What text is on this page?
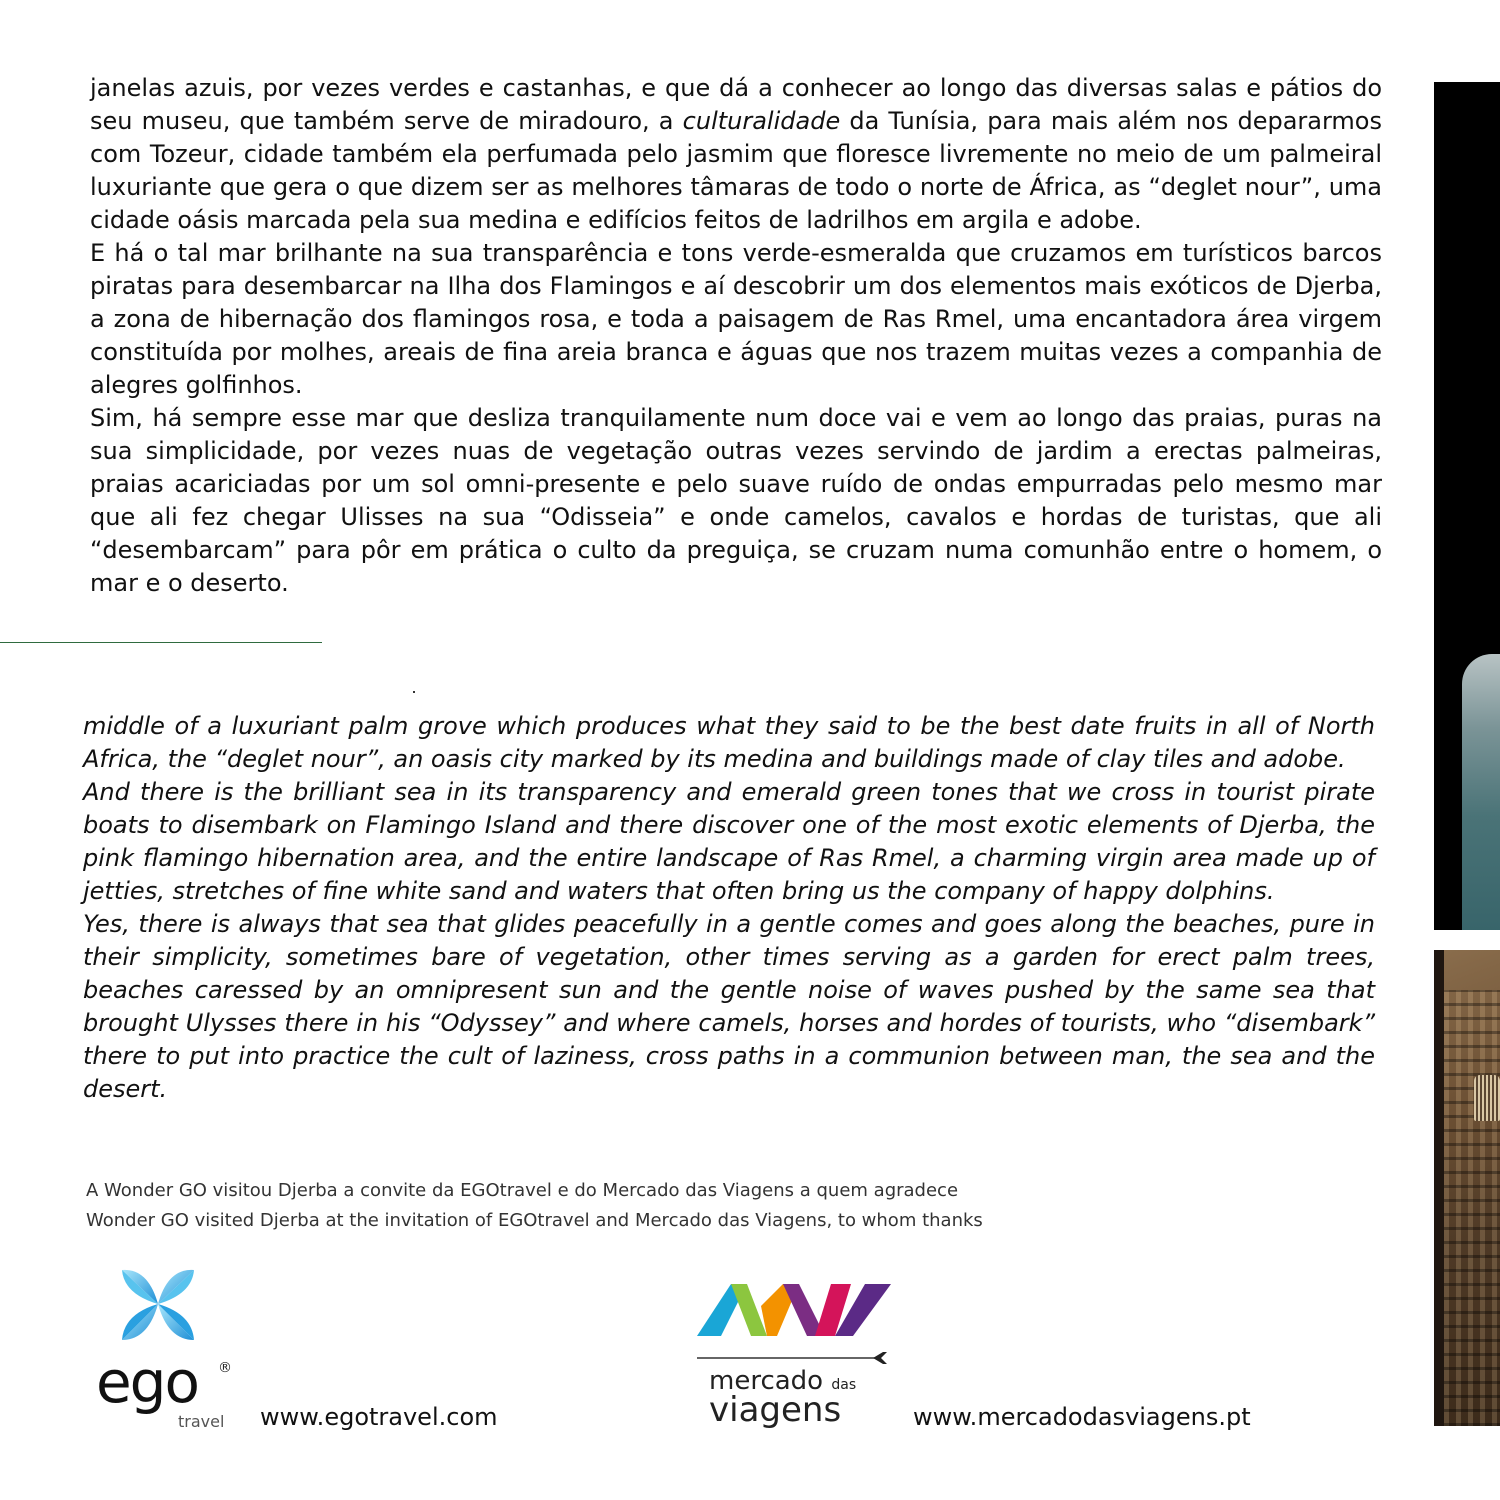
janelas azuis, por vezes verdes e castanhas, e que dá a conhecer ao longo das diversas salas e pátios do seu museu, que também serve de miradouro, a culturalidade da Tunísia, para mais além nos depararmos com Tozeur, cidade também ela perfumada pelo jasmim que floresce livremente no meio de um palmeiral luxuriante que gera o que dizem ser as melhores tâmaras de todo o norte de África, as “deglet nour”, uma cidade oásis marcada pela sua medina e edifícios feitos de ladrilhos em argila e adobe.

E há o tal mar brilhante na sua transparência e tons verde-esmeralda que cruzamos em turísticos barcos piratas para desembarcar na Ilha dos Flamingos e aí descobrir um dos elementos mais exóticos de Djerba, a zona de hibernação dos flamingos rosa, e toda a paisagem de Ras Rmel, uma encantadora área virgem constituída por molhes, areais de fina areia branca e águas que nos trazem muitas vezes a companhia de alegres golfinhos.

Sim, há sempre esse mar que desliza tranquilamente num doce vai e vem ao longo das praias, puras na sua simplicidade, por vezes nuas de vegetação outras vezes servindo de jardim a erectas palmeiras, praias acariciadas por um sol omni-presente e pelo suave ruído de ondas empurradas pelo mesmo mar que ali fez chegar Ulisses na sua “Odisseia” e onde camelos, cavalos e hordas de turistas, que ali “desembarcam” para pôr em prática o culto da preguiça, se cruzam numa comunhão entre o homem, o mar e o deserto.

middle of a luxuriant palm grove which produces what they said to be the best date fruits in all of North Africa, the “deglet nour”, an oasis city marked by its medina and buildings made of clay tiles and adobe.

And there is the brilliant sea in its transparency and emerald green tones that we cross in tourist pirate boats to disembark on Flamingo Island and there discover one of the most exotic elements of Djerba, the pink flamingo hibernation area, and the entire landscape of Ras Rmel, a charming virgin area made up of jetties, stretches of fine white sand and waters that often bring us the company of happy dolphins.

Yes, there is always that sea that glides peacefully in a gentle comes and goes along the beaches, pure in their simplicity, sometimes bare of vegetation, other times serving as a garden for erect palm trees, beaches caressed by an omnipresent sun and the gentle noise of waves pushed by the same sea that brought Ulysses there in his “Odyssey” and where camels, horses and hordes of tourists, who “disembark” there to put into practice the cult of laziness, cross paths in a communion between man, the sea and the desert.

A Wonder GO visitou Djerba a convite da EGOtravel e do Mercado das Viagens a quem agradece
Wonder GO visited Djerba at the invitation of EGOtravel and Mercado das Viagens, to whom thanks
ego ®
travel www.egotravel.com
mercado das
viagens	www.mercadodasviagens.pt
